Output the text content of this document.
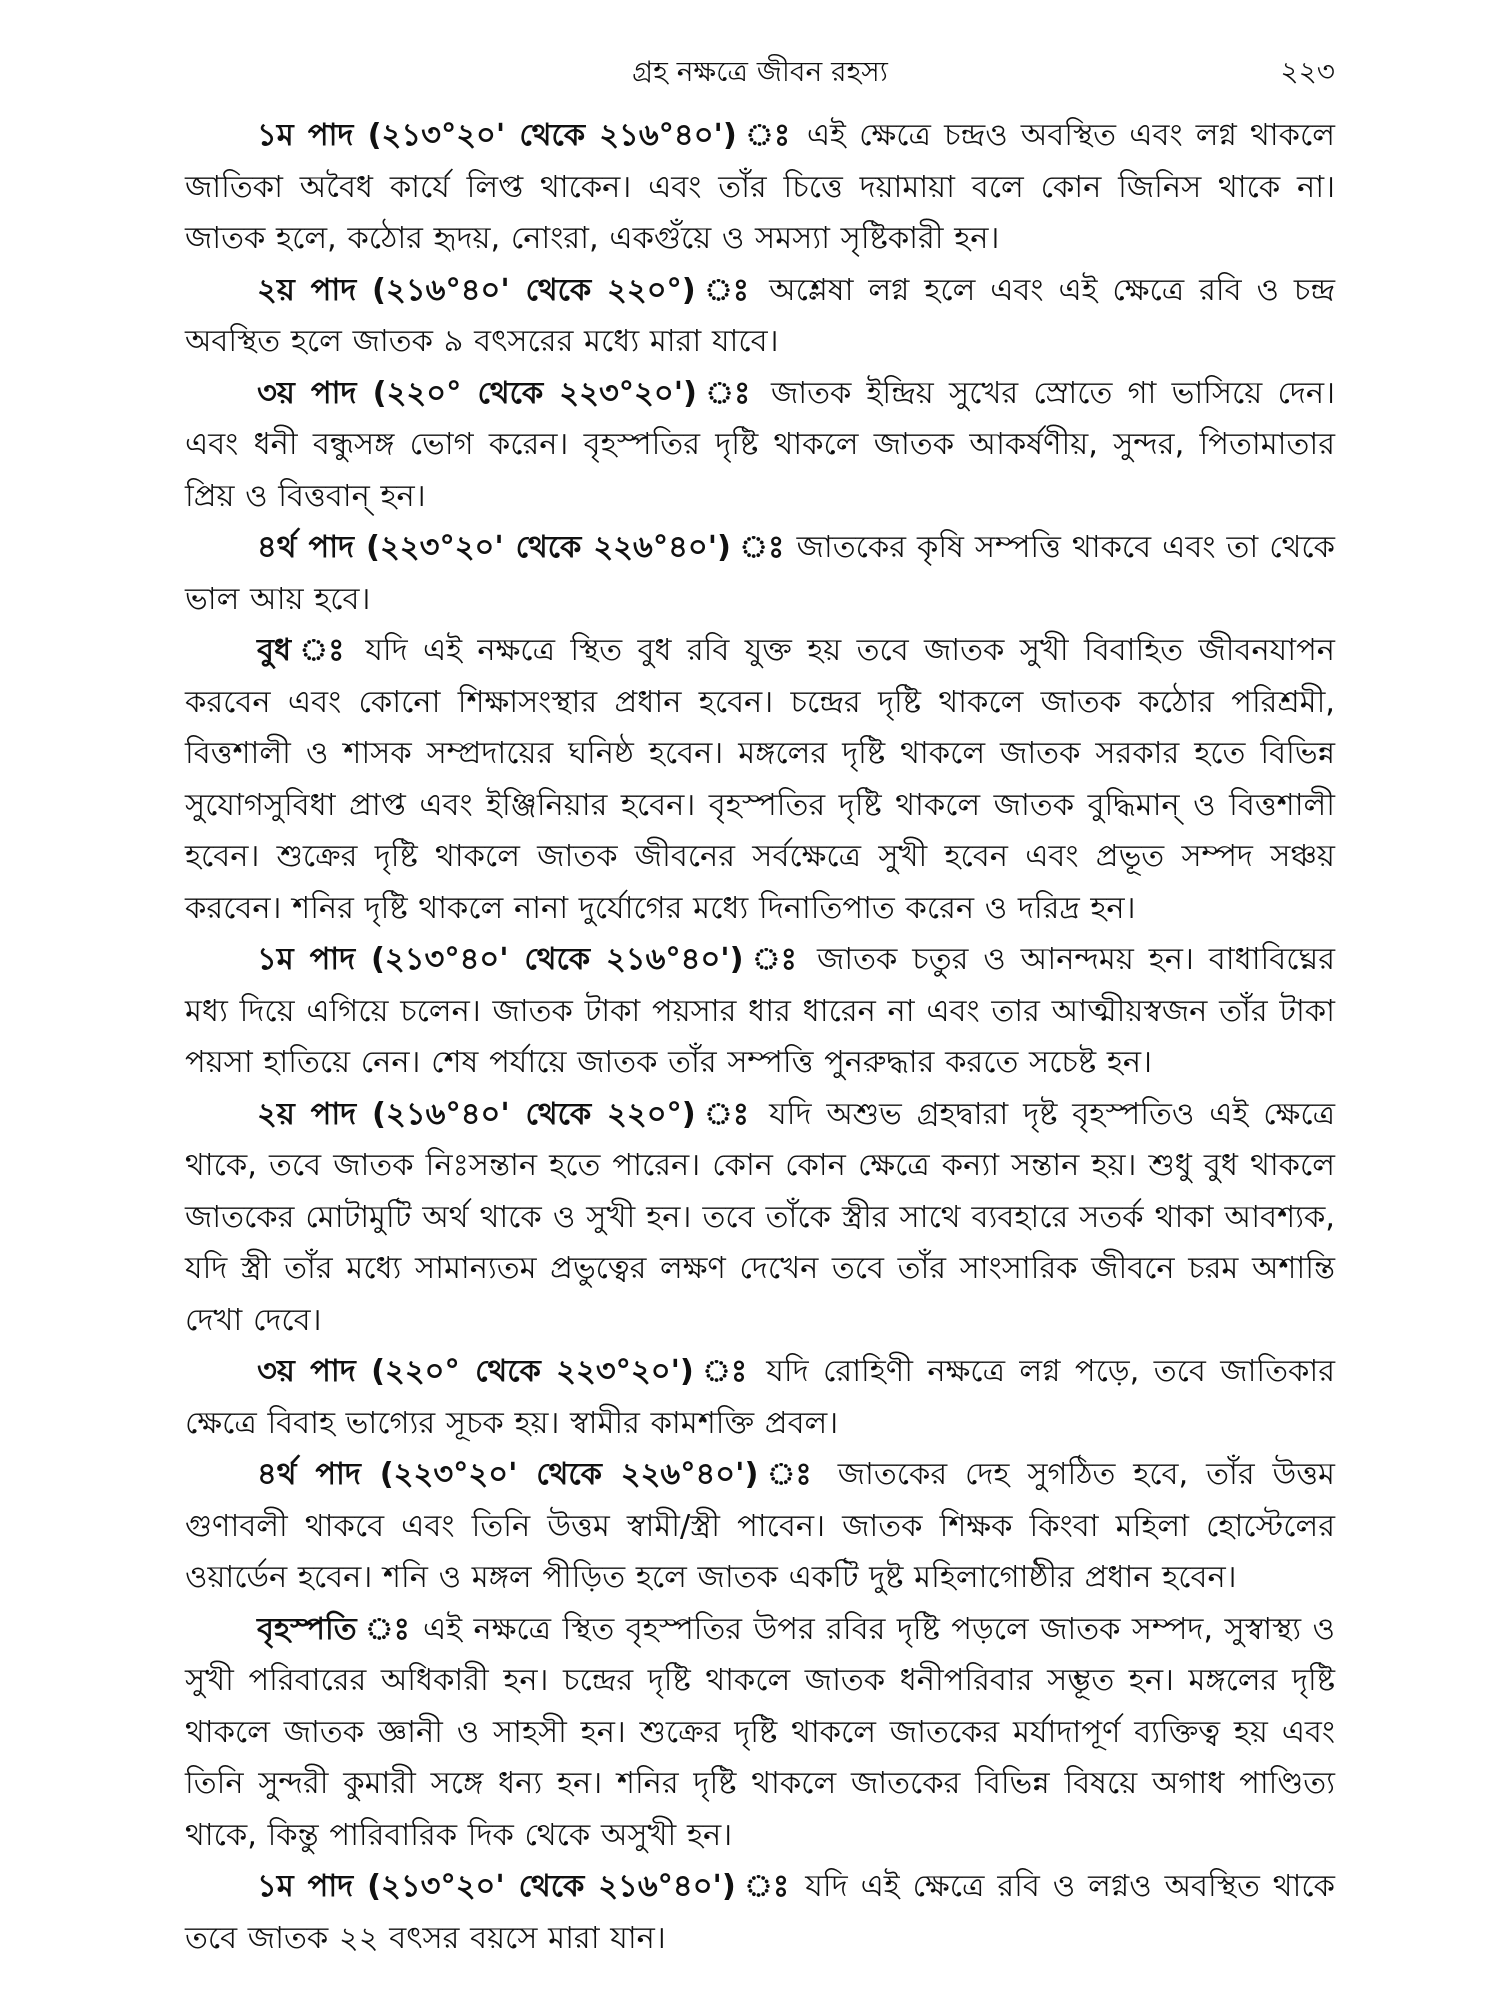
গ্রহ নক্ষত্রে জীবন রহস্য	২২৩

১ম পাদ (২১৩°২০' থেকে ২১৬°৪০') ঃ এই ক্ষেত্রে চন্দ্রও অবস্থিত এবং লগ্ন থাকলে জাতিকা অবৈধ কার্যে লিপ্ত থাকেন। এবং তাঁর চিত্তে দয়ামায়া বলে কোন জিনিস থাকে না। জাতক হলে, কঠোর হৃদয়, নোংরা, একগুঁয়ে ও সমস্যা সৃষ্টিকারী হন।

২য় পাদ (২১৬°৪০' থেকে ২২০°) ঃ অশ্লেষা লগ্ন হলে এবং এই ক্ষেত্রে রবি ও চন্দ্র অবস্থিত হলে জাতক ৯ বৎসরের মধ্যে মারা যাবে।

৩য় পাদ (২২০° থেকে ২২৩°২০') ঃ জাতক ইন্দ্রিয় সুখের স্রোতে গা ভাসিয়ে দেন। এবং ধনী বন্ধুসঙ্গ ভোগ করেন। বৃহস্পতির দৃষ্টি থাকলে জাতক আকর্ষণীয়, সুন্দর, পিতামাতার প্রিয় ও বিত্তবান্‌ হন।

৪র্থ পাদ (২২৩°২০' থেকে ২২৬°৪০') ঃ জাতকের কৃষি সম্পত্তি থাকবে এবং তা থেকে ভাল আয় হবে।

বুধ ঃ যদি এই নক্ষত্রে স্থিত বুধ রবি যুক্ত হয় তবে জাতক সুখী বিবাহিত জীবনযাপন করবেন এবং কোনো শিক্ষাসংস্থার প্রধান হবেন। চন্দ্রের দৃষ্টি থাকলে জাতক কঠোর পরিশ্রমী, বিত্তশালী ও শাসক সম্প্রদায়ের ঘনিষ্ঠ হবেন। মঙ্গলের দৃষ্টি থাকলে জাতক সরকার হতে বিভিন্ন সুযোগসুবিধা প্রাপ্ত এবং ইঞ্জিনিয়ার হবেন। বৃহস্পতির দৃষ্টি থাকলে জাতক বুদ্ধিমান্‌ ও বিত্তশালী হবেন। শুক্রের দৃষ্টি থাকলে জাতক জীবনের সর্বক্ষেত্রে সুখী হবেন এবং প্রভূত সম্পদ সঞ্চয় করবেন। শনির দৃষ্টি থাকলে নানা দুর্যোগের মধ্যে দিনাতিপাত করেন ও দরিদ্র হন।

১ম পাদ (২১৩°৪০' থেকে ২১৬°৪০') ঃ জাতক চতুর ও আনন্দময় হন। বাধাবিঘ্নের মধ্য দিয়ে এগিয়ে চলেন। জাতক টাকা পয়সার ধার ধারেন না এবং তার আত্মীয়স্বজন তাঁর টাকা পয়সা হাতিয়ে নেন। শেষ পর্যায়ে জাতক তাঁর সম্পত্তি পুনরুদ্ধার করতে সচেষ্ট হন।

২য় পাদ (২১৬°৪০' থেকে ২২০°) ঃ যদি অশুভ গ্রহদ্বারা দৃষ্ট বৃহস্পতিও এই ক্ষেত্রে থাকে, তবে জাতক নিঃসন্তান হতে পারেন। কোন কোন ক্ষেত্রে কন্যা সন্তান হয়। শুধু বুধ থাকলে জাতকের মোটামুটি অর্থ থাকে ও সুখী হন। তবে তাঁকে স্ত্রীর সাথে ব্যবহারে সতর্ক থাকা আবশ্যক, যদি স্ত্রী তাঁর মধ্যে সামান্যতম প্রভুত্বের লক্ষণ দেখেন তবে তাঁর সাংসারিক জীবনে চরম অশান্তি দেখা দেবে।

৩য় পাদ (২২০° থেকে ২২৩°২০') ঃ যদি রোহিণী নক্ষত্রে লগ্ন পড়ে, তবে জাতিকার ক্ষেত্রে বিবাহ ভাগ্যের সূচক হয়। স্বামীর কামশক্তি প্রবল।

৪র্থ পাদ (২২৩°২০' থেকে ২২৬°৪০') ঃ জাতকের দেহ সুগঠিত হবে, তাঁর উত্তম গুণাবলী থাকবে এবং তিনি উত্তম স্বামী/স্ত্রী পাবেন। জাতক শিক্ষক কিংবা মহিলা হোস্টেলের ওয়ার্ডেন হবেন। শনি ও মঙ্গল পীড়িত হলে জাতক একটি দুষ্ট মহিলাগোষ্ঠীর প্রধান হবেন।

বৃহস্পতি ঃ এই নক্ষত্রে স্থিত বৃহস্পতির উপর রবির দৃষ্টি পড়লে জাতক সম্পদ, সুস্বাস্থ্য ও সুখী পরিবারের অধিকারী হন। চন্দ্রের দৃষ্টি থাকলে জাতক ধনীপরিবার সম্ভূত হন। মঙ্গলের দৃষ্টি থাকলে জাতক জ্ঞানী ও সাহসী হন। শুক্রের দৃষ্টি থাকলে জাতকের মর্যাদাপূর্ণ ব্যক্তিত্ব হয় এবং তিনি সুন্দরী কুমারী সঙ্গে ধন্য হন। শনির দৃষ্টি থাকলে জাতকের বিভিন্ন বিষয়ে অগাধ পাণ্ডিত্য থাকে, কিন্তু পারিবারিক দিক থেকে অসুখী হন।

১ম পাদ (২১৩°২০' থেকে ২১৬°৪০') ঃ যদি এই ক্ষেত্রে রবি ও লগ্নও অবস্থিত থাকে তবে জাতক ২২ বৎসর বয়সে মারা যান।
